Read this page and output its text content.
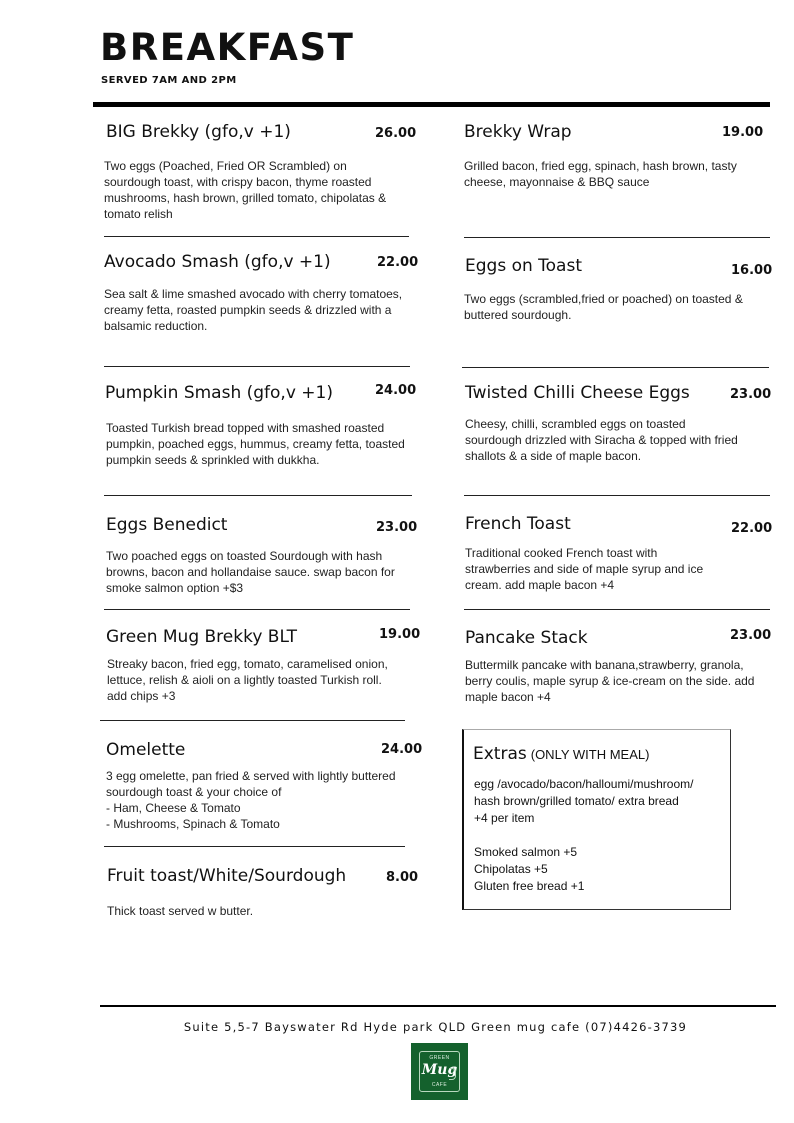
BREAKFAST
SERVED 7AM AND 2PM
BIG Brekky (gfo,v +1)	26.00
Two eggs (Poached, Fried OR Scrambled) on sourdough toast, with crispy bacon, thyme roasted mushrooms, hash brown, grilled tomato, chipolatas & tomato relish
Avocado Smash (gfo,v +1)	22.00
Sea salt & lime smashed avocado with cherry tomatoes, creamy fetta, roasted pumpkin seeds & drizzled with a balsamic reduction.
Pumpkin Smash (gfo,v +1)	24.00
Toasted Turkish bread topped with smashed roasted pumpkin, poached eggs, hummus, creamy fetta, toasted pumpkin seeds & sprinkled with dukkha.
Eggs Benedict	23.00
Two poached eggs on toasted Sourdough with hash browns, bacon and hollandaise sauce. swap bacon for smoke salmon option +$3
Green Mug Brekky BLT	19.00
Streaky bacon, fried egg, tomato, caramelised onion, lettuce, relish & aioli on a lightly toasted Turkish roll. add chips +3
Omelette	24.00
3 egg omelette, pan fried & served with lightly buttered sourdough toast & your choice of
- Ham, Cheese & Tomato
- Mushrooms, Spinach & Tomato
Fruit toast/White/Sourdough	8.00
Thick toast served w butter.
Brekky Wrap	19.00
Grilled bacon, fried egg, spinach, hash brown, tasty cheese, mayonnaise & BBQ sauce
Eggs on Toast	16.00
Two eggs (scrambled,fried or poached) on toasted & buttered sourdough.
Twisted Chilli Cheese Eggs	23.00
Cheesy, chilli, scrambled eggs on toasted sourdough drizzled with Siracha & topped with fried shallots & a side of maple bacon.
French Toast	22.00
Traditional cooked French toast with strawberries and side of maple syrup and ice cream. add maple bacon +4
Pancake Stack	23.00
Buttermilk pancake with banana,strawberry, granola, berry coulis, maple syrup & ice-cream on the side. add maple bacon +4
Extras (ONLY WITH MEAL)
egg /avocado/bacon/halloumi/mushroom/
hash brown/grilled tomato/ extra bread
+4 per item
Smoked salmon +5
Chipolatas +5
Gluten free bread +1
Suite 5,5-7 Bayswater Rd Hyde park QLD Green mug cafe (07)4426-3739
GREEN
Mug
CAFE
